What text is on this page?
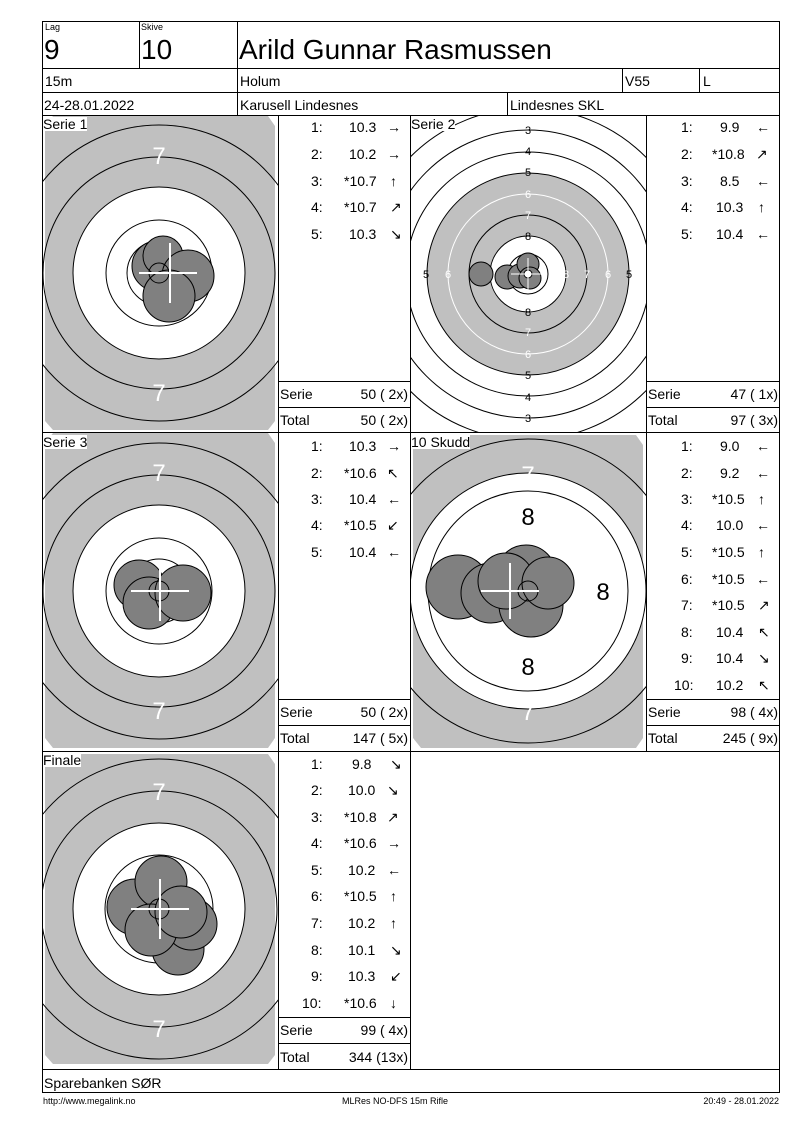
Lag
9
Skive
10 Arild Gunnar Rasmussen
15m	Holum	V55	L
24-28.01.2022	Karusell Lindesnes	Lindesnes SKL
7
8
8	8
8
7
Serie 1	1: 10.3 →
2: 10.2 →
3: *10.7 ↑
4: *10.7 ↗
5: 10.3 ↘
Serie	50 ( 2x)
Total	50 ( 2x)
3
4
5
6
7
8
8
7
6
5
4
3
5 6	8 7 6 5
Serie 2	1: 9.9 ←
2: *10.8 ↗
3: 8.5 ←
4: 10.3 ↑
5: 10.4 ←
Serie	47 ( 1x)
Total	97 ( 3x)
7
8
8	8
8
7
Serie 3	1: 10.3 →
2: *10.6 ↖
3: 10.4 ←
4: *10.5 ↙
5: 10.4 ←
Serie	50 ( 2x)
Total	147 ( 5x)
7
8
8
8
7
10 Skudd	1: 9.0 ←
2: 9.2 ←
3: *10.5 ↑
4: 10.0 ←
5: *10.5 ↑
6: *10.5 ←
7: *10.5 ↗
8: 10.4 ↖
9: 10.4 ↘
10: 10.2 ↖
Serie	98 ( 4x)
Total	245 ( 9x)
7
8	8
8
7
Finale	1: 9.8 ↘
2: 10.0 ↘
3: *10.8 ↗
4: *10.6 →
5: 10.2 ←
6: *10.5 ↑
7: 10.2 ↑
8: 10.1 ↘
9: 10.3 ↙
10: *10.6 ↓
Serie	99 ( 4x)
Total	344 (13x)
Sparebanken SØR
http://www.megalink.no	MLRes NO-DFS 15m Rifle	20:49 - 28.01.2022
